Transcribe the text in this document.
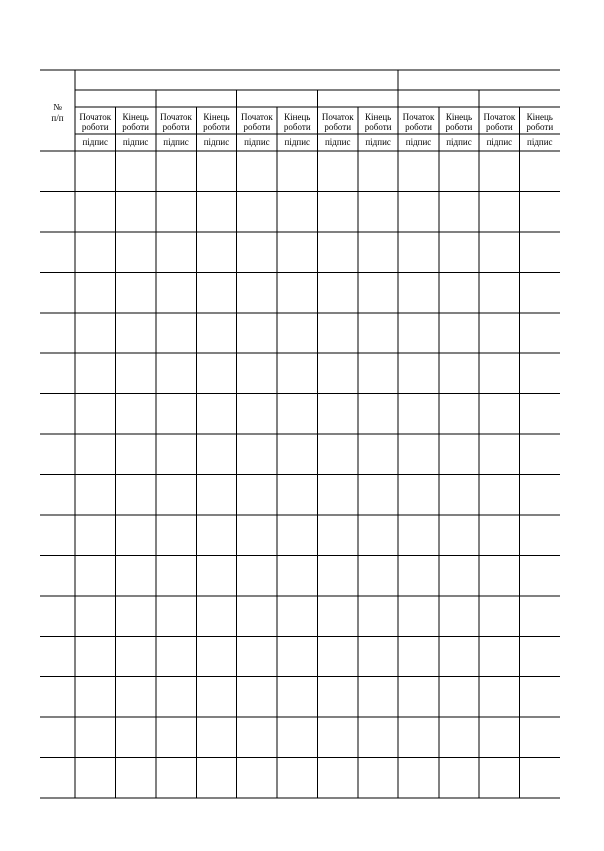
№
п/п Початок
роботи
підпис
Кінець
роботи
підпис
Початок
роботи
підпис
Кінець
роботи
підпис
Початок
роботи
підпис
Кінець
роботи
підпис
Початок
роботи
підпис
Кінець
роботи
підпис
Початок
роботи
підпис
Кінець
роботи
підпис
Початок
роботи
підпис
Кінець
роботи
підпис
